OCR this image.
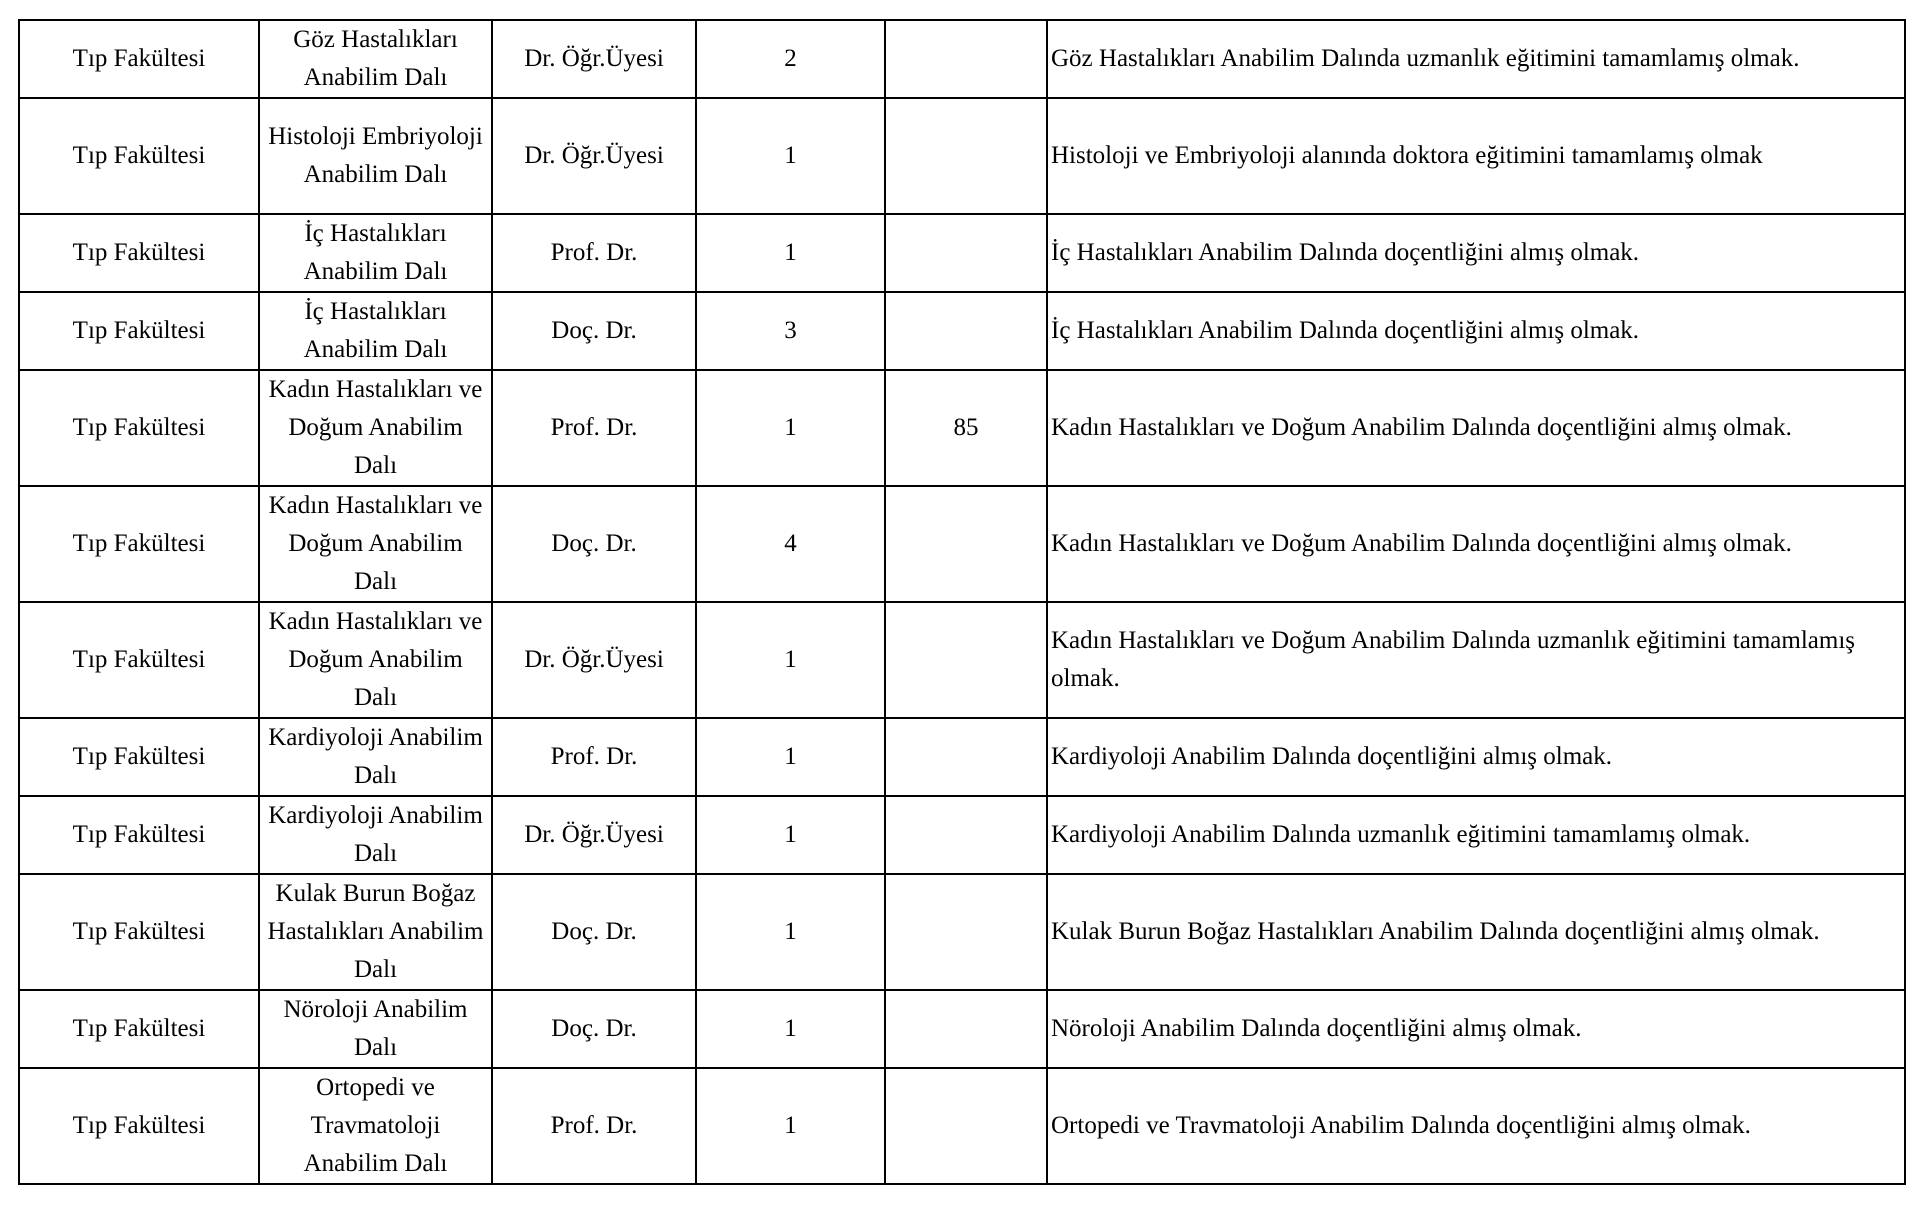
Tıp Fakültesi	Göz Hastalıkları Anabilim Dalı	Dr. Öğr.Üyesi	2		Göz Hastalıkları Anabilim Dalında uzmanlık eğitimini tamamlamış olmak.
Tıp Fakültesi	Histoloji Embriyoloji Anabilim Dalı	Dr. Öğr.Üyesi	1		Histoloji ve Embriyoloji alanında doktora eğitimini tamamlamış olmak
Tıp Fakültesi	İç Hastalıkları Anabilim Dalı	Prof. Dr.	1		İç Hastalıkları Anabilim Dalında doçentliğini almış olmak.
Tıp Fakültesi	İç Hastalıkları Anabilim Dalı	Doç. Dr.	3		İç Hastalıkları Anabilim Dalında doçentliğini almış olmak.
Tıp Fakültesi	Kadın Hastalıkları ve Doğum Anabilim Dalı	Prof. Dr.	1	85	Kadın Hastalıkları ve Doğum Anabilim Dalında doçentliğini almış olmak.
Tıp Fakültesi	Kadın Hastalıkları ve Doğum Anabilim Dalı	Doç. Dr.	4		Kadın Hastalıkları ve Doğum Anabilim Dalında doçentliğini almış olmak.
Tıp Fakültesi	Kadın Hastalıkları ve Doğum Anabilim Dalı	Dr. Öğr.Üyesi	1		Kadın Hastalıkları ve Doğum Anabilim Dalında uzmanlık eğitimini tamamlamış olmak.
Tıp Fakültesi	Kardiyoloji Anabilim Dalı	Prof. Dr.	1		Kardiyoloji Anabilim Dalında doçentliğini almış olmak.
Tıp Fakültesi	Kardiyoloji Anabilim Dalı	Dr. Öğr.Üyesi	1		Kardiyoloji Anabilim Dalında uzmanlık eğitimini tamamlamış olmak.
Tıp Fakültesi	Kulak Burun Boğaz Hastalıkları Anabilim Dalı	Doç. Dr.	1		Kulak Burun Boğaz Hastalıkları Anabilim Dalında doçentliğini almış olmak.
Tıp Fakültesi	Nöroloji Anabilim Dalı	Doç. Dr.	1		Nöroloji Anabilim Dalında doçentliğini almış olmak.
Tıp Fakültesi	Ortopedi ve Travmatoloji Anabilim Dalı	Prof. Dr.	1		Ortopedi ve Travmatoloji Anabilim Dalında doçentliğini almış olmak.
